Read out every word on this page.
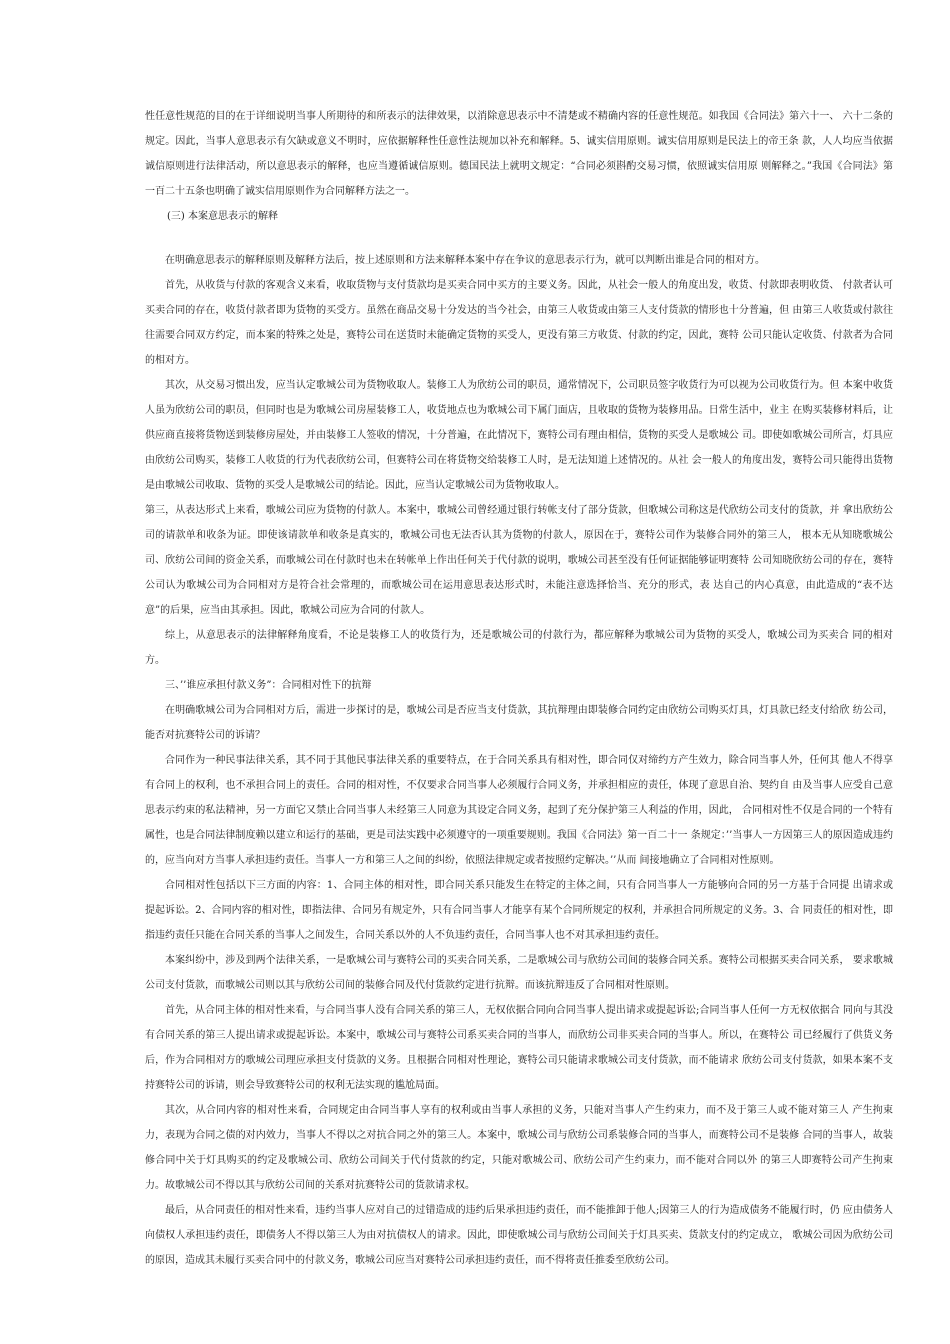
性任意性规范的目的在于详细说明当事人所期待的和所表示的法律效果，以消除意思表示中不清楚或不精确内容的任意性规范。如我国《合同法》第六十一、 六十二条的规定。因此，当事人意思表示有欠缺或意义不明时，应依据解释性任意性法规加以补充和解释。5、诚实信用原则。诚实信用原则是民法上的帝王条 款，人人均应当依据诚信原则进行法律活动，所以意思表示的解释，也应当遵循诚信原则。德国民法上就明文规定：“合同必须斟酌交易习惯，依照诚实信用原 则解释之。”我国《合同法》第一百二十五条也明确了诚实信用原则作为合同解释方法之一。

(三) 本案意思表示的解释

在明确意思表示的解释原则及解释方法后，按上述原则和方法来解释本案中存在争议的意思表示行为，就可以判断出谁是合同的相对方。

首先，从收货与付款的客观含义来看，收取货物与支付货款均是买卖合同中买方的主要义务。因此，从社会一般人的角度出发，收货、付款即表明收货、 付款者认可买卖合同的存在，收货付款者即为货物的买受方。虽然在商品交易十分发达的当今社会，由第三人收货或由第三人支付货款的情形也十分普遍，但 由第三人收货或付款往往需要合同双方约定，而本案的特殊之处是，赛特公司在送货时未能确定货物的买受人，更没有第三方收货、付款的约定，因此，赛特 公司只能认定收货、付款者为合同的相对方。

其次，从交易习惯出发，应当认定歌城公司为货物收取人。装修工人为欣纺公司的职员，通常情况下，公司职员签字收货行为可以视为公司收货行为。但 本案中收货人虽为欣纺公司的职员，但同时也是为歌城公司房屋装修工人，收货地点也为歌城公司下属门面店，且收取的货物为装修用品。日常生活中，业主 在购买装修材料后，让供应商直接将货物送到装修房屋处，并由装修工人签收的情况，十分普遍，在此情况下，赛特公司有理由相信，货物的买受人是歌城公 司。即使如歌城公司所言，灯具应由欣纺公司购买，装修工人收货的行为代表欣纺公司，但赛特公司在将货物交给装修工人时，是无法知道上述情况的。从社 会一般人的角度出发，赛特公司只能得出货物是由歌城公司收取、货物的买受人是歌城公司的结论。因此，应当认定歌城公司为货物收取人。

第三，从表达形式上来看，歌城公司应为货物的付款人。本案中，歌城公司曾经通过银行转帐支付了部分货款，但歌城公司称这是代欣纺公司支付的货款，并 拿出欣纺公司的请款单和收条为证。即使该请款单和收条是真实的，歌城公司也无法否认其为货物的付款人，原因在于，赛特公司作为装修合同外的第三人， 根本无从知晓歌城公司、欣纺公司间的资金关系，而歌城公司在付款时也未在转帐单上作出任何关于代付款的说明，歌城公司甚至没有任何证据能够证明赛特 公司知晓欣纺公司的存在，赛特公司认为歌城公司为合同相对方是符合社会常理的，而歌城公司在运用意思表达形式时，未能注意选择恰当、充分的形式，表 达自己的内心真意，由此造成的“表不达意”的后果，应当由其承担。因此，歌城公司应为合同的付款人。

综上，从意思表示的法律解释角度看，不论是装修工人的收货行为，还是歌城公司的付款行为，都应解释为歌城公司为货物的买受人，歌城公司为买卖合 同的相对方。

三、’’谁应承担付款义务”：合同相对性下的抗辩

在明确歌城公司为合同相对方后，需进一步探讨的是，歌城公司是否应当支付货款，其抗辩理由即装修合同约定由欣纺公司购买灯具，灯具款已经支付给欣 纺公司，能否对抗赛特公司的诉请？

合同作为一种民事法律关系，其不同于其他民事法律关系的重要特点，在于合同关系具有相对性，即合同仅对缔约方产生效力，除合同当事人外，任何其 他人不得享有合同上的权利，也不承担合同上的责任。合同的相对性，不仅要求合同当事人必须履行合同义务，并承担相应的责任，体现了意思自治、契约自 由及当事人应受自己意思表示约束的私法精神，另一方面它又禁止合同当事人未经第三人同意为其设定合同义务，起到了充分保护第三人利益的作用，因此， 合同相对性不仅是合同的一个特有属性，也是合同法律制度赖以建立和运行的基础，更是司法实践中必须遵守的一项重要规则。我国《合同法》第一百二十一 条规定：’’当事人一方因第三人的原因造成违约的，应当向对方当事人承担违约责任。当事人一方和第三人之间的纠纷，依照法律规定或者按照约定解决。’’从而 间接地确立了合同相对性原则。

合同相对性包括以下三方面的内容：1、合同主体的相对性，即合同关系只能发生在特定的主体之间，只有合同当事人一方能够向合同的另一方基于合同提 出请求或提起诉讼。2、合同内容的相对性，即指法律、合同另有规定外，只有合同当事人才能享有某个合同所规定的权利，并承担合同所规定的义务。3、合 同责任的相对性，即指违约责任只能在合同关系的当事人之间发生，合同关系以外的人不负违约责任，合同当事人也不对其承担违约责任。

本案纠纷中，涉及到两个法律关系，一是歌城公司与赛特公司的买卖合同关系，二是歌城公司与欣纺公司间的装修合同关系。赛特公司根据买卖合同关系， 要求歌城公司支付货款，而歌城公司则以其与欣纺公司间的装修合同及代付货款约定进行抗辩。而该抗辩违反了合同相对性原则。

首先，从合同主体的相对性来看，与合同当事人没有合同关系的第三人，无权依据合同向合同当事人提出请求或提起诉讼;合同当事人任何一方无权依据合 同向与其没有合同关系的第三人提出请求或提起诉讼。本案中，歌城公司与赛特公司系买卖合同的当事人，而欣纺公司非买卖合同的当事人。所以，在赛特公 司已经履行了供货义务后，作为合同相对方的歌城公司理应承担支付货款的义务。且根据合同相对性理论，赛特公司只能请求歌城公司支付货款，而不能请求 欣纺公司支付货款，如果本案不支持赛特公司的诉请，则会导致赛特公司的权利无法实现的尴尬局面。

其次，从合同内容的相对性来看，合同规定由合同当事人享有的权利或由当事人承担的义务，只能对当事人产生约束力，而不及于第三人或不能对第三人 产生拘束力，表现为合同之债的对内效力，当事人不得以之对抗合同之外的第三人。本案中，歌城公司与欣纺公司系装修合同的当事人，而赛特公司不是装修 合同的当事人，故装修合同中关于灯具购买的约定及歌城公司、欣纺公司间关于代付货款的约定，只能对歌城公司、欣纺公司产生约束力，而不能对合同以外 的第三人即赛特公司产生拘束力。故歌城公司不得以其与欣纺公司间的关系对抗赛特公司的货款请求权。

最后，从合同责任的相对性来看，违约当事人应对自己的过错造成的违约后果承担违约责任，而不能推卸于他人;因第三人的行为造成债务不能履行时，仍 应由债务人向债权人承担违约责任，即债务人不得以第三人为由对抗债权人的请求。因此，即使歌城公司与欣纺公司间关于灯具买卖、货款支付的约定成立， 歌城公司因为欣纺公司的原因，造成其未履行买卖合同中的付款义务，歌城公司应当对赛特公司承担违约责任，而不得将责任推委至欣纺公司。
